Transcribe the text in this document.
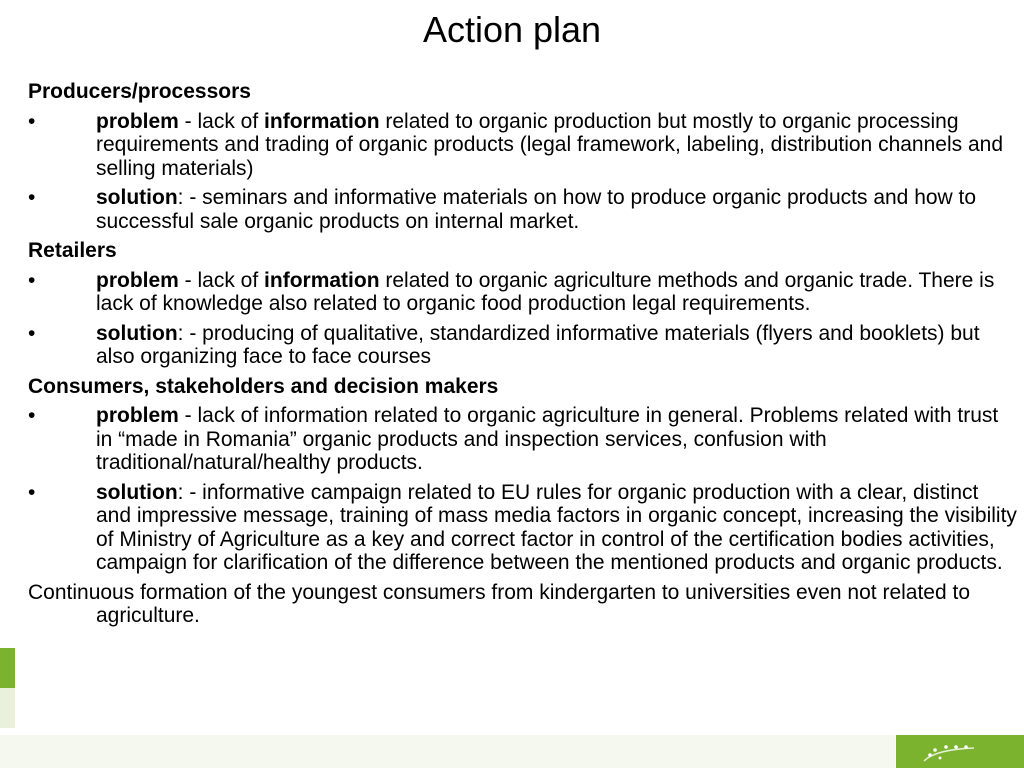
Action plan
Producers/processors
•	problem - lack of information related to organic production but mostly to organic processing requirements and trading of organic products (legal framework, labeling, distribution channels and selling materials)
•	solution: - seminars and informative materials on how to produce organic products and how to successful sale organic products on internal market.
Retailers
•	problem - lack of information related to organic agriculture methods and organic trade. There is lack of knowledge also related to organic food production legal requirements.
•	solution: - producing of qualitative, standardized informative materials (flyers and booklets) but also organizing face to face courses
Consumers, stakeholders and decision makers
•	problem - lack of information related to organic agriculture in general. Problems related with trust in “made in Romania” organic products and inspection services, confusion with traditional/natural/healthy products.
•	solution: - informative campaign related to EU rules for organic production with a clear, distinct and impressive message, training of mass media factors in organic concept, increasing the visibility of Ministry of Agriculture as a key and correct factor in control of the certification bodies activities, campaign for clarification of the difference between the mentioned products and organic products.
Continuous formation of the youngest consumers from kindergarten to universities even not related to agriculture.
